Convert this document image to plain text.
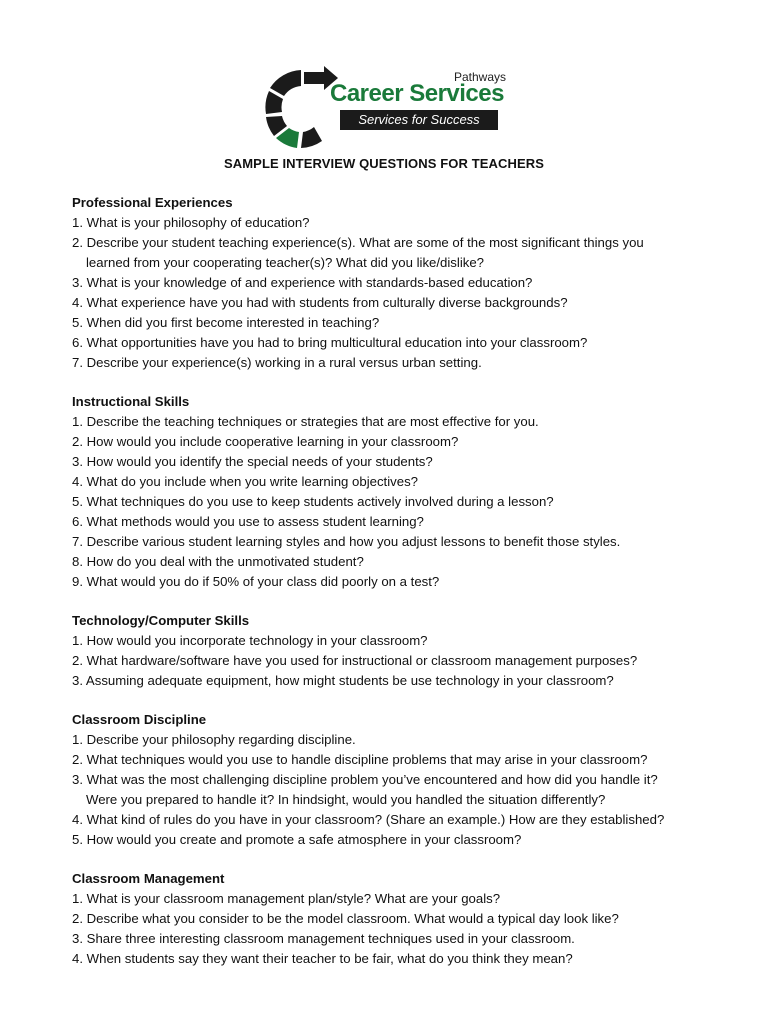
Pathways
Career Services
Services for Success
SAMPLE INTERVIEW QUESTIONS FOR TEACHERS
Professional Experiences
1. What is your philosophy of education?
2. Describe your student teaching experience(s). What are some of the most significant things you
learned from your cooperating teacher(s)? What did you like/dislike?
3. What is your knowledge of and experience with standards-based education?
4. What experience have you had with students from culturally diverse backgrounds?
5. When did you first become interested in teaching?
6. What opportunities have you had to bring multicultural education into your classroom?
7. Describe your experience(s) working in a rural versus urban setting.
Instructional Skills
1. Describe the teaching techniques or strategies that are most effective for you.
2. How would you include cooperative learning in your classroom?
3. How would you identify the special needs of your students?
4. What do you include when you write learning objectives?
5. What techniques do you use to keep students actively involved during a lesson?
6. What methods would you use to assess student learning?
7. Describe various student learning styles and how you adjust lessons to benefit those styles.
8. How do you deal with the unmotivated student?
9. What would you do if 50% of your class did poorly on a test?
Technology/Computer Skills
1. How would you incorporate technology in your classroom?
2. What hardware/software have you used for instructional or classroom management purposes?
3. Assuming adequate equipment, how might students be use technology in your classroom?
Classroom Discipline
1. Describe your philosophy regarding discipline.
2. What techniques would you use to handle discipline problems that may arise in your classroom?
3. What was the most challenging discipline problem you’ve encountered and how did you handle it?
Were you prepared to handle it? In hindsight, would you handled the situation differently?
4. What kind of rules do you have in your classroom? (Share an example.) How are they established?
5. How would you create and promote a safe atmosphere in your classroom?
Classroom Management
1. What is your classroom management plan/style? What are your goals?
2. Describe what you consider to be the model classroom. What would a typical day look like?
3. Share three interesting classroom management techniques used in your classroom.
4. When students say they want their teacher to be fair, what do you think they mean?
